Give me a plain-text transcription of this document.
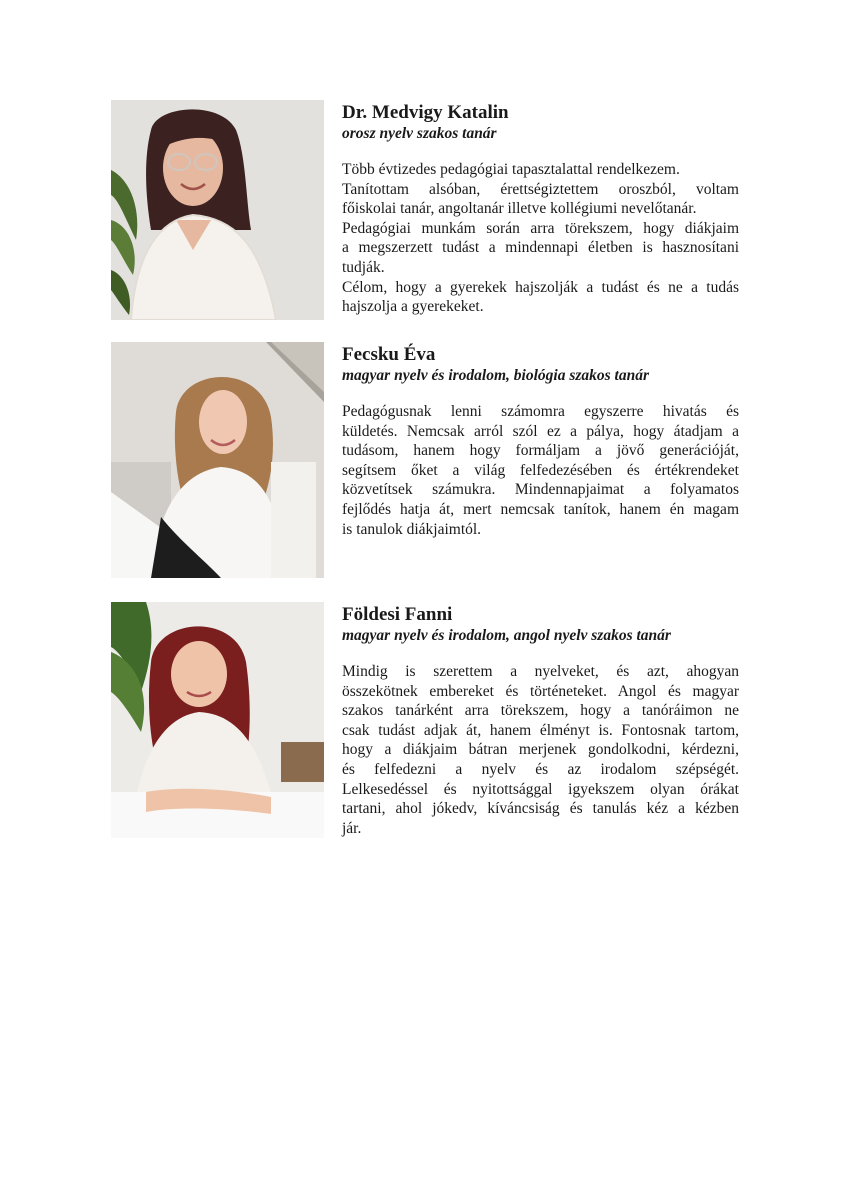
Dr. Medvigy Katalin
orosz nyelv szakos tanár
Több évtizedes pedagógiai tapasztalattal rendelkezem.
Tanítottam alsóban, érettségiztettem oroszból, voltam
főiskolai tanár, angoltanár illetve kollégiumi nevelőtanár.
Pedagógiai munkám során arra törekszem, hogy diákjaim
a megszerzett tudást a mindennapi életben is hasznosítani
tudják.
Célom, hogy a gyerekek hajszolják a tudást és ne a tudás
hajszolja a gyerekeket.
Fecsku Éva
magyar nyelv és irodalom, biológia szakos tanár
Pedagógusnak lenni számomra egyszerre hivatás és
küldetés. Nemcsak arról szól ez a pálya, hogy átadjam a
tudásom, hanem hogy formáljam a jövő generációját,
segítsem őket a világ felfedezésében és értékrendeket
közvetítsek számukra. Mindennapjaimat a folyamatos
fejlődés hatja át, mert nemcsak tanítok, hanem én magam
is tanulok diákjaimtól.
Földesi Fanni
magyar nyelv és irodalom, angol nyelv szakos tanár
Mindig is szerettem a nyelveket, és azt, ahogyan
összekötnek embereket és történeteket. Angol és magyar
szakos tanárként arra törekszem, hogy a tanóráimon ne
csak tudást adjak át, hanem élményt is. Fontosnak tartom,
hogy a diákjaim bátran merjenek gondolkodni, kérdezni,
és felfedezni a nyelv és az irodalom szépségét.
Lelkesedéssel és nyitottsággal igyekszem olyan órákat
tartani, ahol jókedv, kíváncsiság és tanulás kéz a kézben
jár.
